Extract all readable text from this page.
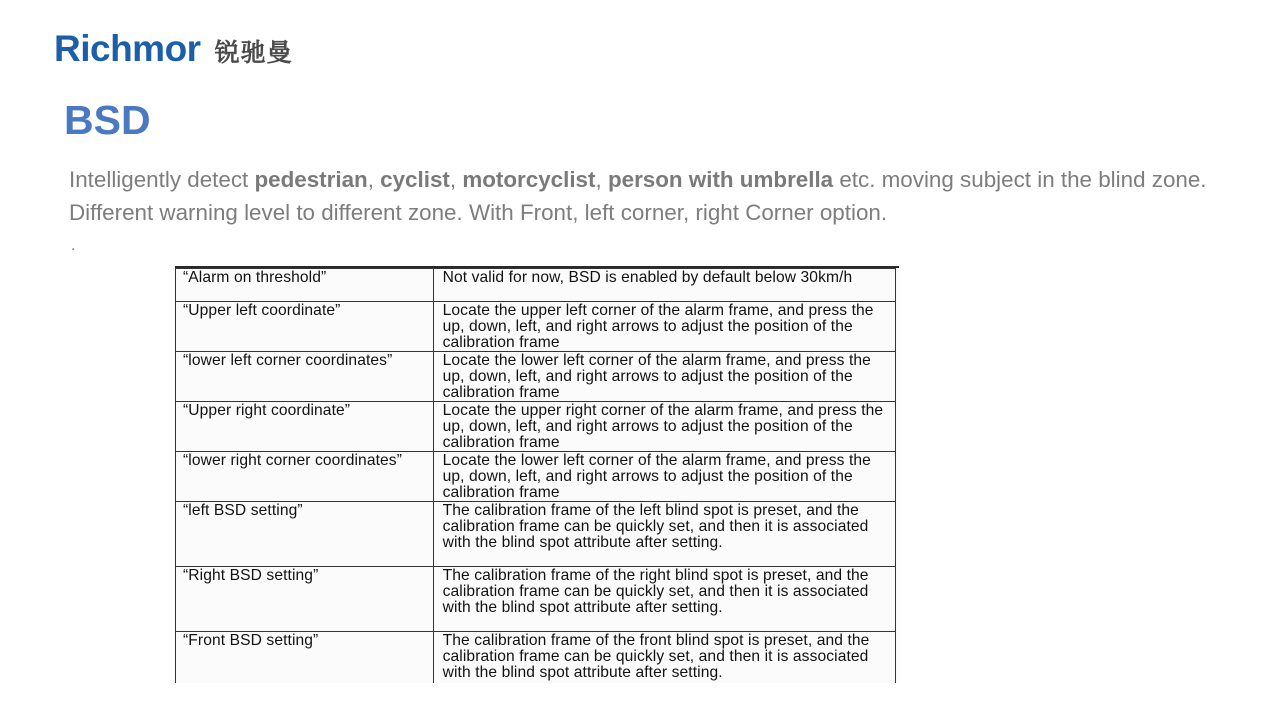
Richmor 锐驰曼
BSD

Intelligently detect pedestrian, cyclist, motorcyclist, person with umbrella etc. moving subject in the blind zone. Different warning level to different zone. With Front, left corner, right Corner option.

.
“Alarm on threshold”	Not valid for now, BSD is enabled by default below 30km/h
“Upper left coordinate”	Locate the upper left corner of the alarm frame, and press the up, down, left, and right arrows to adjust the position of the calibration frame
“lower left corner coordinates”	Locate the lower left corner of the alarm frame, and press the up, down, left, and right arrows to adjust the position of the calibration frame
“Upper right coordinate”	Locate the upper right corner of the alarm frame, and press the up, down, left, and right arrows to adjust the position of the calibration frame
“lower right corner coordinates”	Locate the lower left corner of the alarm frame, and press the up, down, left, and right arrows to adjust the position of the calibration frame
“left BSD setting”	The calibration frame of the left blind spot is preset, and the calibration frame can be quickly set, and then it is associated with the blind spot attribute after setting.
“Right BSD setting”	The calibration frame of the right blind spot is preset, and the calibration frame can be quickly set, and then it is associated with the blind spot attribute after setting.
“Front BSD setting”	The calibration frame of the front blind spot is preset, and the calibration frame can be quickly set, and then it is associated with the blind spot attribute after setting.
